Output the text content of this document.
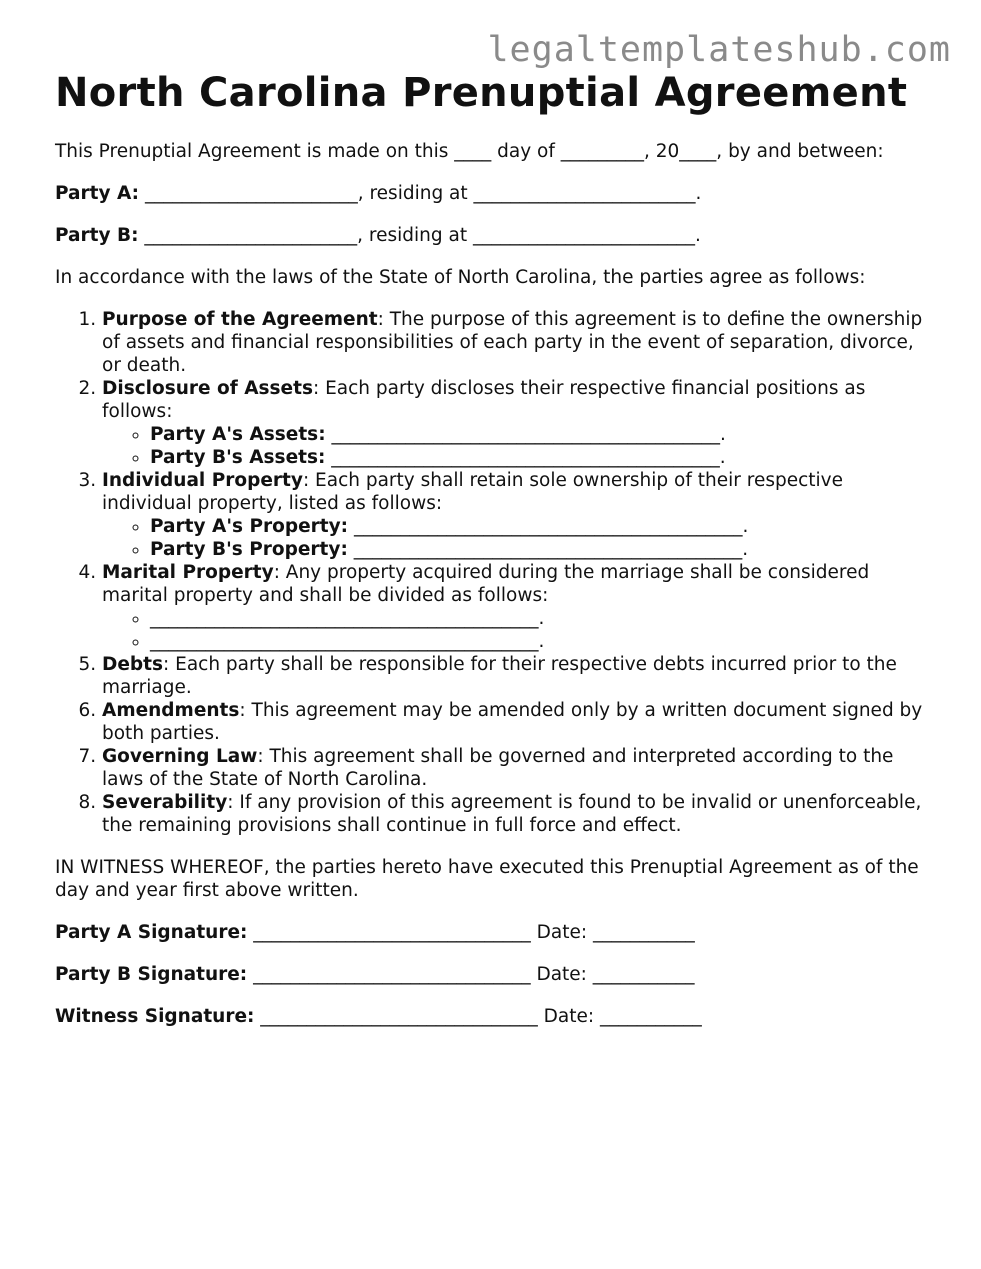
legaltemplateshub.com
North Carolina Prenuptial Agreement

This Prenuptial Agreement is made on this ____ day of _________, 20____, by and between:

Party A: _______________________, residing at ________________________.

Party B: _______________________, residing at ________________________.

In accordance with the laws of the State of North Carolina, the parties agree as follows:

1. Purpose of the Agreement: The purpose of this agreement is to define the ownership of assets and financial responsibilities of each party in the event of separation, divorce, or death.
2. Disclosure of Assets: Each party discloses their respective financial positions as follows:
◦ Party A's Assets: __________________________________________.
◦ Party B's Assets: __________________________________________.
3. Individual Property: Each party shall retain sole ownership of their respective individual property, listed as follows:
◦ Party A's Property: __________________________________________.
◦ Party B's Property: __________________________________________.
4. Marital Property: Any property acquired during the marriage shall be considered marital property and shall be divided as follows:
◦ __________________________________________.
◦ __________________________________________.
5. Debts: Each party shall be responsible for their respective debts incurred prior to the marriage.
6. Amendments: This agreement may be amended only by a written document signed by both parties.
7. Governing Law: This agreement shall be governed and interpreted according to the laws of the State of North Carolina.
8. Severability: If any provision of this agreement is found to be invalid or unenforceable, the remaining provisions shall continue in full force and effect.

IN WITNESS WHEREOF, the parties hereto have executed this Prenuptial Agreement as of the day and year first above written.

Party A Signature: ______________________________ Date: ___________

Party B Signature: ______________________________ Date: ___________

Witness Signature: ______________________________ Date: ___________
